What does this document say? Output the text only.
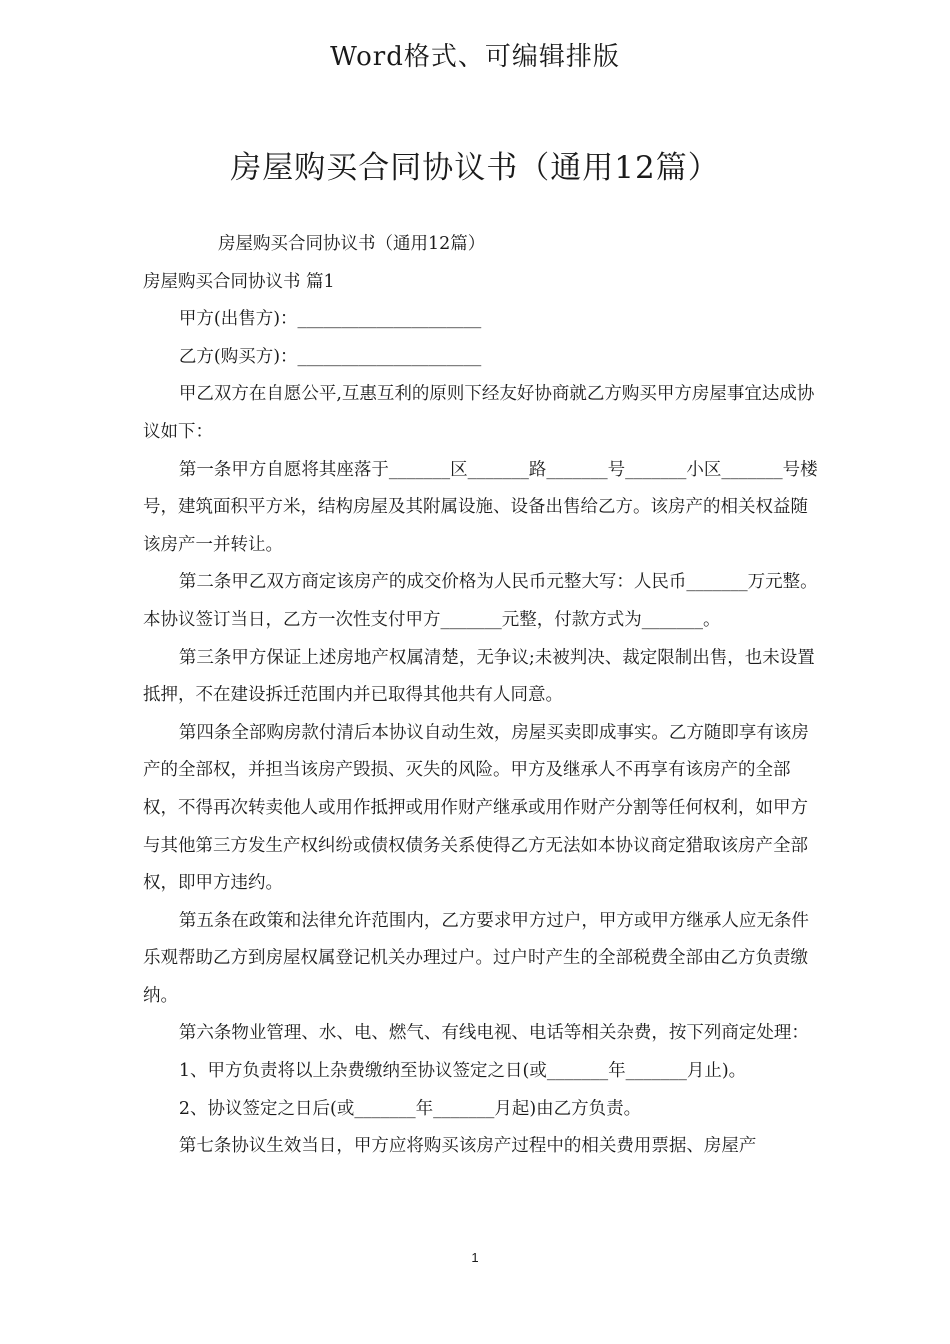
Word格式、可编辑排版
房屋购买合同协议书（通用12篇）

房屋购买合同协议书（通用12篇）

房屋购买合同协议书 篇1

甲方(出售方)：_____________________

乙方(购买方)：_____________________

甲乙双方在自愿公平,互惠互利的原则下经友好协商就乙方购买甲方房屋事宜达成协议如下：

第一条甲方自愿将其座落于_______区_______路_______号_______小区_______号楼号，建筑面积平方米，结构房屋及其附属设施、设备出售给乙方。该房产的相关权益随该房产一并转让。

第二条甲乙双方商定该房产的成交价格为人民币元整大写：人民币_______万元整。本协议签订当日，乙方一次性支付甲方_______元整，付款方式为_______。

第三条甲方保证上述房地产权属清楚，无争议;未被判决、裁定限制出售，也未设置抵押，不在建设拆迁范围内并已取得其他共有人同意。

第四条全部购房款付清后本协议自动生效，房屋买卖即成事实。乙方随即享有该房产的全部权，并担当该房产毁损、灭失的风险。甲方及继承人不再享有该房产的全部权，不得再次转卖他人或用作抵押或用作财产继承或用作财产分割等任何权利，如甲方与其他第三方发生产权纠纷或债权债务关系使得乙方无法如本协议商定猎取该房产全部权，即甲方违约。

第五条在政策和法律允许范围内，乙方要求甲方过户，甲方或甲方继承人应无条件乐观帮助乙方到房屋权属登记机关办理过户。过户时产生的全部税费全部由乙方负责缴纳。

第六条物业管理、水、电、燃气、有线电视、电话等相关杂费，按下列商定处理：

1、甲方负责将以上杂费缴纳至协议签定之日(或_______年_______月止)。

2、协议签定之日后(或_______年_______月起)由乙方负责。

第七条协议生效当日，甲方应将购买该房产过程中的相关费用票据、房屋产

1
